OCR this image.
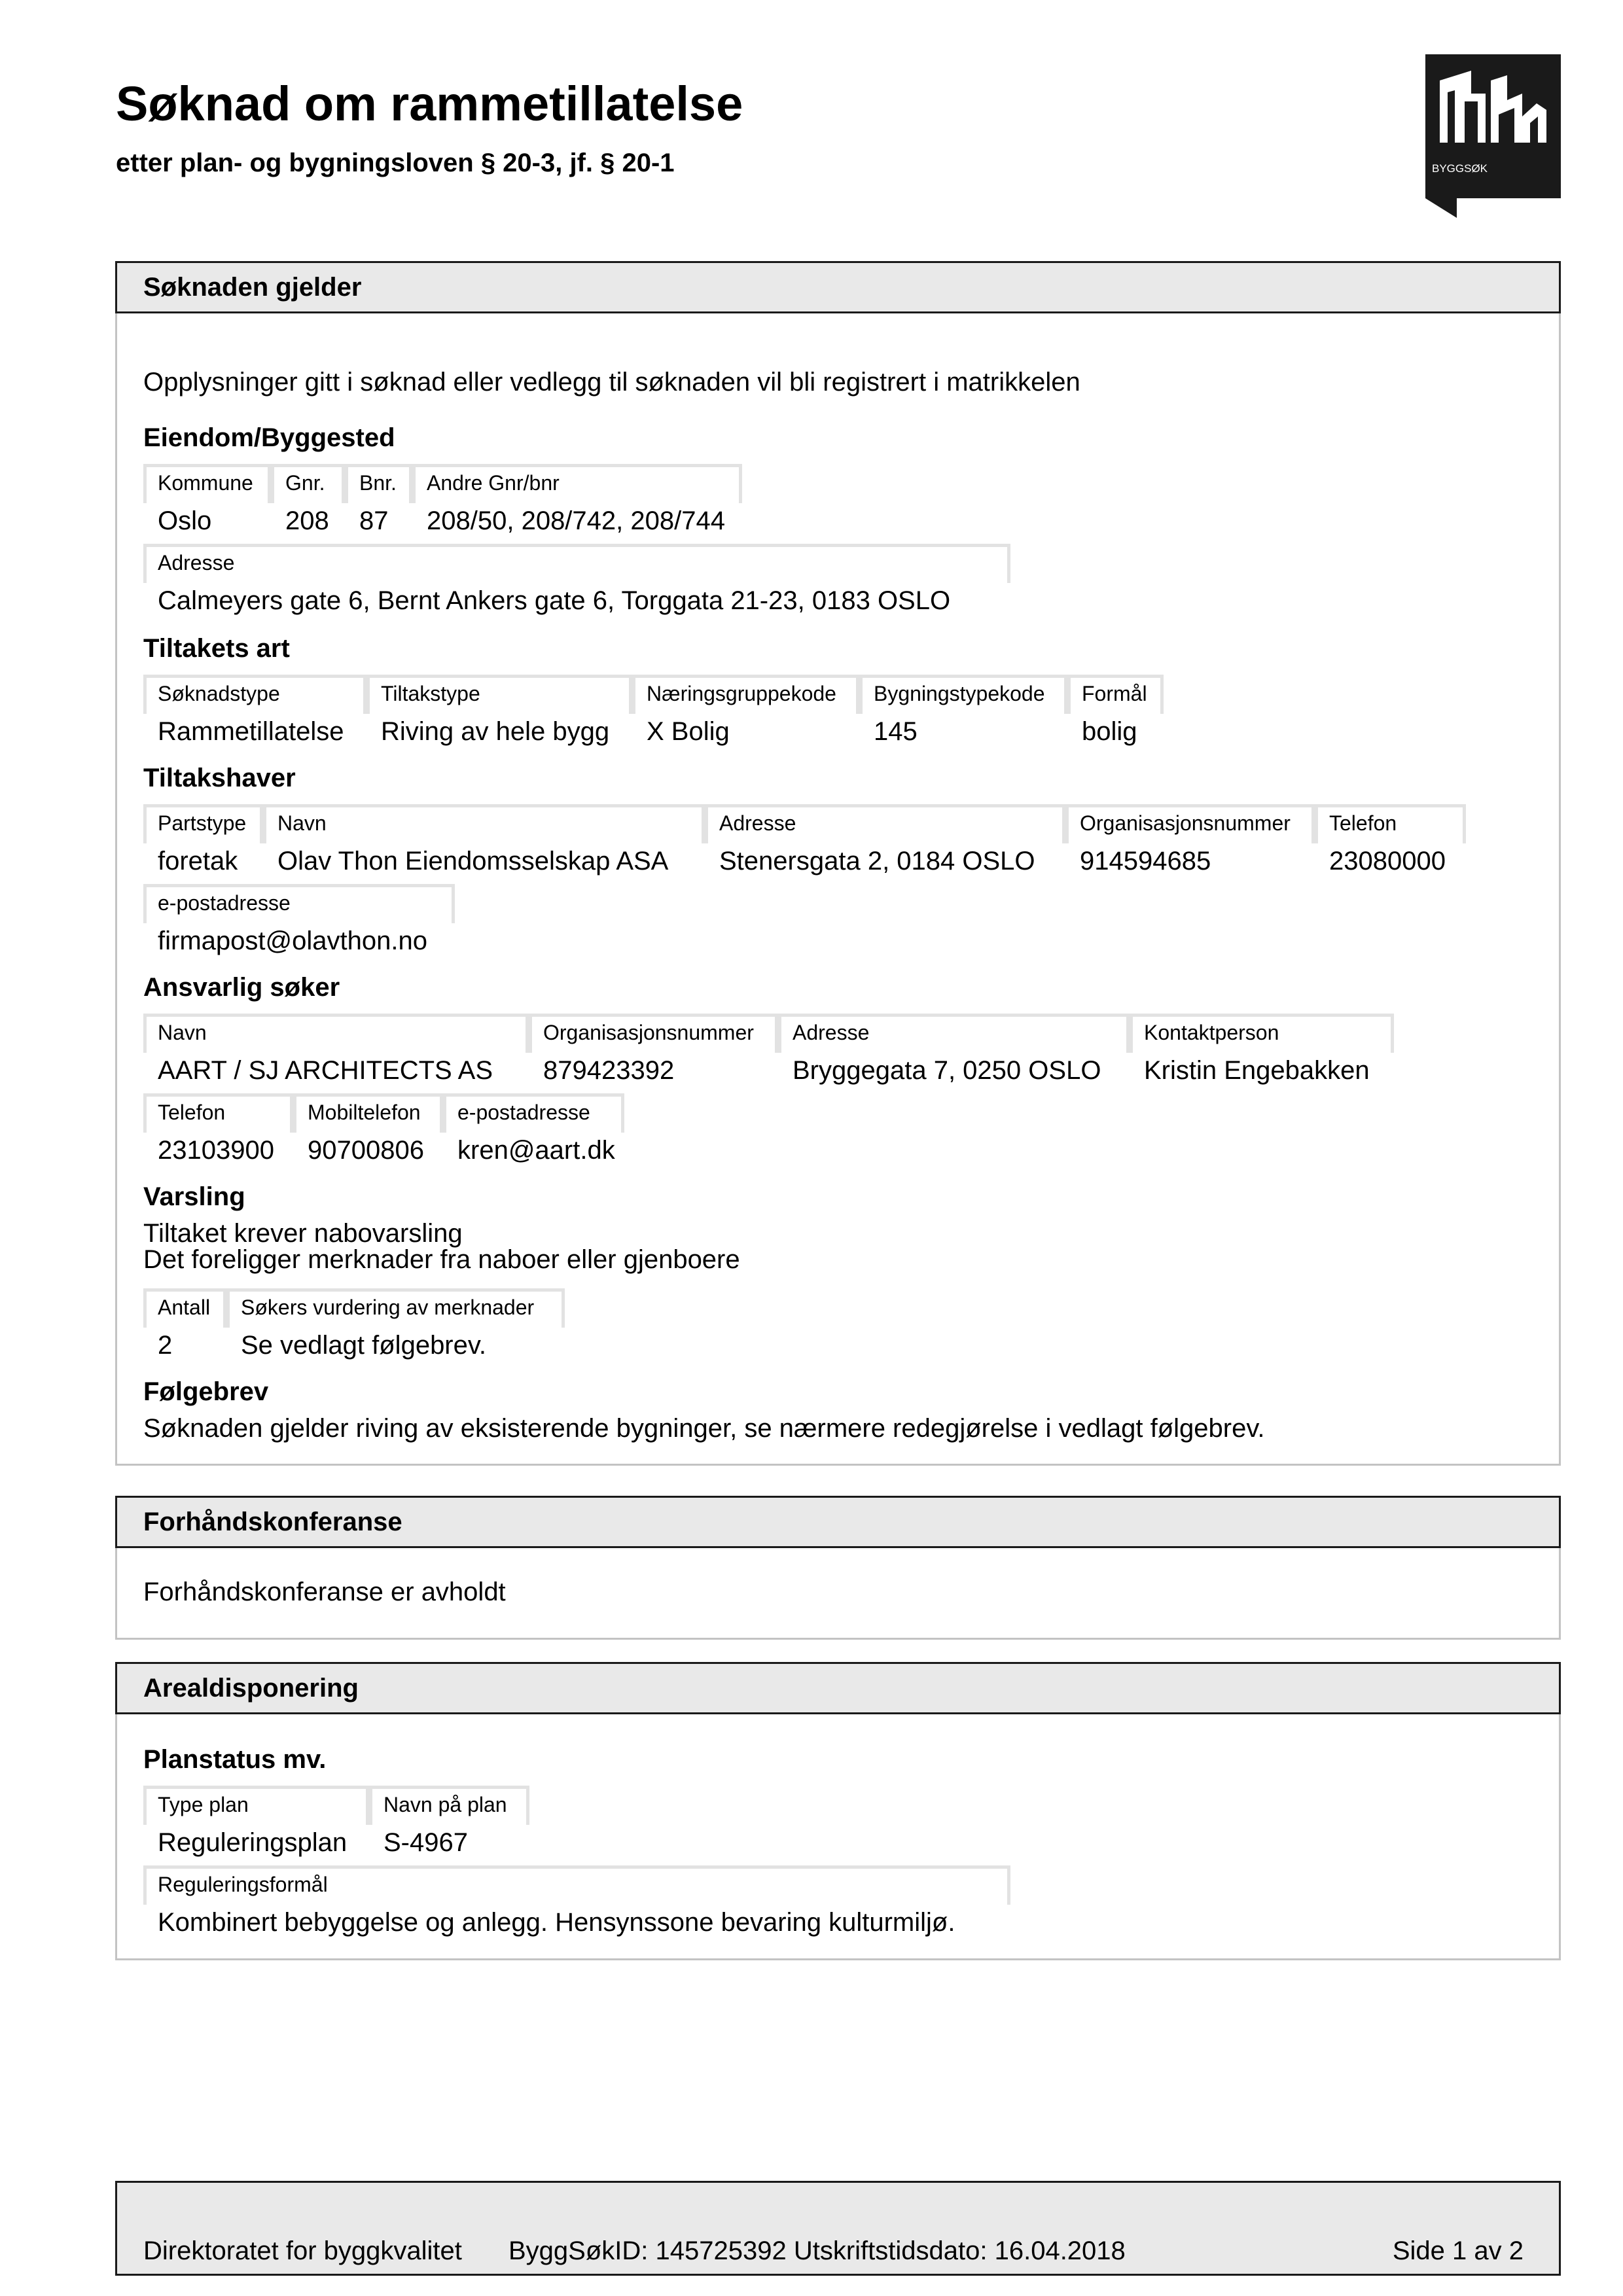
Søknad om rammetillatelse
etter plan- og bygningsloven § 20-3, jf. § 20-1	BYGGSØK
Søknaden gjelder
Opplysninger gitt i søknad eller vedlegg til søknaden vil bli registrert i matrikkelen
Eiendom/Byggested
Kommune
Oslo
Gnr.
208
Bnr.
87
Andre Gnr/bnr
208/50, 208/742, 208/744
Adresse
Calmeyers gate 6, Bernt Ankers gate 6, Torggata 21-23, 0183 OSLO
Tiltakets art
Søknadstype
Rammetillatelse
Tiltakstype
Riving av hele bygg
Næringsgruppekode
X Bolig
Bygningstypekode
145
Formål
bolig
Tiltakshaver
Partstype
foretak
Navn
Olav Thon Eiendomsselskap ASA
Adresse
Stenersgata 2, 0184 OSLO
Organisasjonsnummer
914594685
Telefon
23080000
e-postadresse
firmapost@olavthon.no
Ansvarlig søker
Navn
AART / SJ ARCHITECTS AS
Organisasjonsnummer
879423392
Adresse
Bryggegata 7, 0250 OSLO
Kontaktperson
Kristin Engebakken
Telefon
23103900
Mobiltelefon
90700806
e-postadresse
kren@aart.dk
Varsling
Tiltaket krever nabovarsling
Det foreligger merknader fra naboer eller gjenboere
Antall
2
Søkers vurdering av merknader
Se vedlagt følgebrev.
Følgebrev
Søknaden gjelder riving av eksisterende bygninger, se nærmere redegjørelse i vedlagt følgebrev.
Forhåndskonferanse
Forhåndskonferanse er avholdt
Arealdisponering
Planstatus mv.
Type plan
Reguleringsplan
Navn på plan
S-4967
Reguleringsformål
Kombinert bebyggelse og anlegg. Hensynssone bevaring kulturmiljø.
Direktoratet for byggkvalitet ByggSøkID: 145725392 Utskriftstidsdato: 16.04.2018	Side 1 av 2
